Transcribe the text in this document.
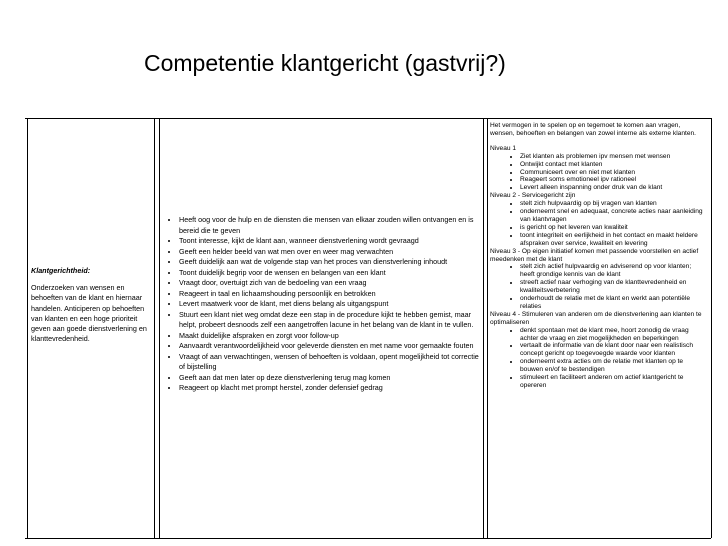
Competentie klantgericht (gastvrij?)
Klantgerichtheid:
Onderzoeken van wensen en behoeften van de klant en hiernaar handelen. Anticiperen op behoeften van klanten en een hoge prioriteit geven aan goede dienstverlening en klanttevredenheid.
• Heeft oog voor de hulp en de diensten die mensen van elkaar zouden willen ontvangen en is bereid die te geven
• Toont interesse, kijkt de klant aan, wanneer dienstverlening wordt gevraagd
• Geeft een helder beeld van wat men over en weer mag verwachten
• Geeft duidelijk aan wat de volgende stap van het proces van dienstverlening inhoudt
• Toont duidelijk begrip voor de wensen en belangen van een klant
• Vraagt door, overtuigt zich van de bedoeling van een vraag
• Reageert in taal en lichaamshouding persoonlijk en betrokken
• Levert maatwerk voor de klant, met diens belang als uitgangspunt
• Stuurt een klant niet weg omdat deze een stap in de procedure kijkt te hebben gemist, maar helpt, probeert desnoods zelf een aangetroffen lacune in het belang van de klant in te vullen.
• Maakt duidelijke afspraken en zorgt voor follow-up
• Aanvaardt verantwoordelijkheid voor geleverde diensten en met name voor gemaakte fouten
• Vraagt of aan verwachtingen, wensen of behoeften is voldaan, opent mogelijkheid tot correctie of bijstelling
• Geeft aan dat men later op deze dienstverlening terug mag komen
• Reageert op klacht met prompt herstel, zonder defensief gedrag
Het vermogen in te spelen op en tegemoet te komen aan vragen, wensen, behoeften en belangen van zowel interne als externe klanten.
Niveau 1
• Ziet klanten als problemen ipv mensen met wensen
• Ontwijkt contact met klanten
• Communiceert over en niet met klanten
• Reageert soms emotioneel ipv rationeel
• Levert alleen inspanning onder druk van de klant
Niveau 2 - Servicegericht zijn
• stelt zich hulpvaardig op bij vragen van klanten
• onderneemt snel en adequaat, concrete acties naar aanleiding van klantvragen
• is gericht op het leveren van kwaliteit
• toont integriteit en eerlijkheid in het contact en maakt heldere afspraken over service, kwaliteit en levering
Niveau 3 - Op eigen initiatief komen met passende voorstellen en actief meedenken met de klant
• stelt zich actief hulpvaardig en adviserend op voor klanten; heeft grondige kennis van de klant
• streeft actief naar verhoging van de klanttevredenheid en kwaliteitsverbetering
• onderhoudt de relatie met de klant en werkt aan potentiële relaties
Niveau 4 - Stimuleren van anderen om de dienstverlening aan klanten te optimaliseren
• denkt spontaan met de klant mee, hoort zonodig de vraag achter de vraag en ziet mogelijkheden en beperkingen
• vertaalt de informatie van de klant door naar een realistisch concept gericht op toegevoegde waarde voor klanten
• onderneemt extra acties om de relatie met klanten op te bouwen en/of te bestendigen
• stimuleert en faciliteert anderen om actief klantgericht te opereren
